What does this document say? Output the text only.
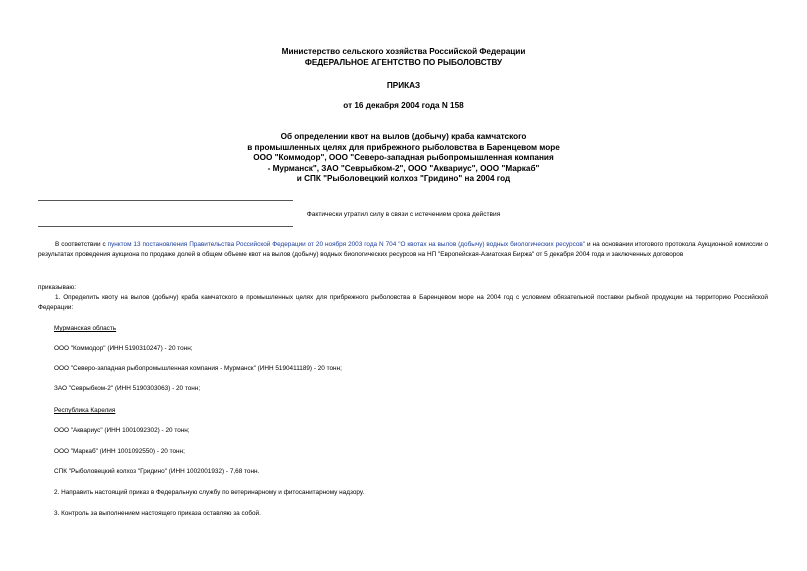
Министерство сельского хозяйства Российской Федерации
ФЕДЕРАЛЬНОЕ АГЕНТСТВО ПО РЫБОЛОВСТВУ
ПРИКАЗ
от 16 декабря 2004 года N 158
Об определении квот на вылов (добычу) краба камчатского
в промышленных целях для прибрежного рыболовства в Баренцевом море
ООО "Коммодор", ООО "Северо-западная рыбопромышленная компания
- Мурманск", ЗАО "Севрыбком-2", ООО "Аквариус", ООО "Маркаб"
и СПК "Рыболовецкий колхоз "Гридино" на 2004 год
Фактически утратил силу в связи с истечением срока действия
В соответствии с пунктом 13 постановления Правительства Российской Федерации от 20 ноября 2003 года N 704 "О квотах на вылов (добычу) водных биологических ресурсов" и на основании итогового протокола Аукционной комиссии о результатах проведения аукциона по продаже долей в общем объеме квот на вылов (добычу) водных биологических ресурсов на НП "Европейская-Азиатская Биржа" от 5 декабря 2004 года и заключенных договоров
приказываю:
1. Определить квоту на вылов (добычу) краба камчатского в промышленных целях для прибрежного рыболовства в Баренцевом море на 2004 год с условием обязательной поставки рыбной продукции на территорию Российской Федерации:
Мурманская область
ООО "Коммодор" (ИНН 5190310247) - 20 тонн;
ООО "Северо-западная рыбопромышленная компания - Мурманск" (ИНН 5190411189) - 20 тонн;
ЗАО "Севрыбком-2" (ИНН 5190303063) - 20 тонн;
Республика Карелия
ООО "Аквариус" (ИНН 1001092302) - 20 тонн;
ООО "Маркаб" (ИНН 1001092550) - 20 тонн;
СПК "Рыболовецкий колхоз "Гридино" (ИНН 1002001932) - 7,68 тонн.
2. Направить настоящий приказ в Федеральную службу по ветеринарному и фитосанитарному надзору.
3. Контроль за выполнением настоящего приказа оставляю за собой.
